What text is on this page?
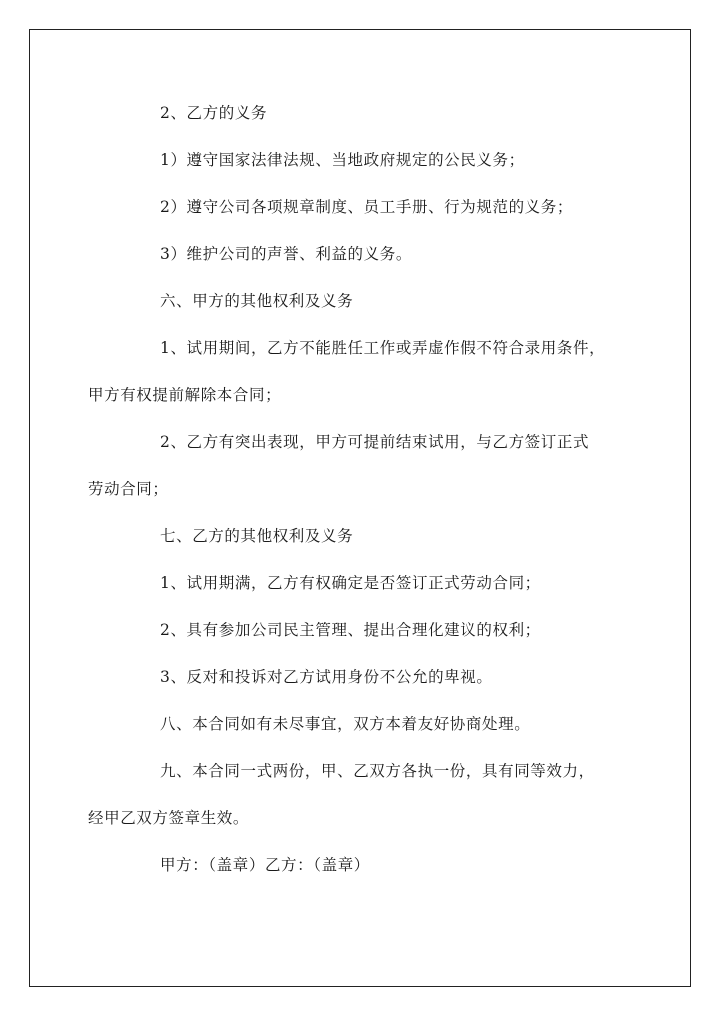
2、乙方的义务
1）遵守国家法律法规、当地政府规定的公民义务；
2）遵守公司各项规章制度、员工手册、行为规范的义务；
3）维护公司的声誉、利益的义务。
六、甲方的其他权利及义务
1、试用期间，乙方不能胜任工作或弄虚作假不符合录用条件，
甲方有权提前解除本合同；
2、乙方有突出表现，甲方可提前结束试用，与乙方签订正式
劳动合同；
七、乙方的其他权利及义务
1、试用期满，乙方有权确定是否签订正式劳动合同；
2、具有参加公司民主管理、提出合理化建议的权利；
3、反对和投诉对乙方试用身份不公允的卑视。
八、本合同如有未尽事宜，双方本着友好协商处理。
九、本合同一式两份，甲、乙双方各执一份，具有同等效力，
经甲乙双方签章生效。
甲方：（盖章）乙方：（盖章）
